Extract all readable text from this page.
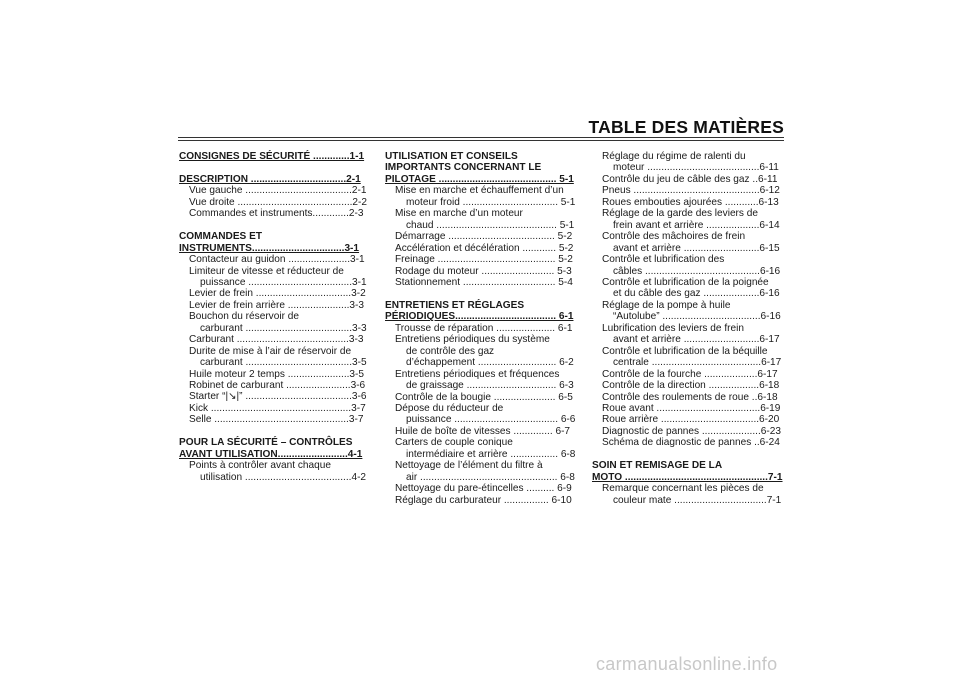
TABLE DES MATIÈRES
CONSIGNES DE SÉCURITÉ .............1-1
DESCRIPTION ..................................2-1
Vue gauche ......................................2-1
Vue droite .........................................2-2
Commandes et instruments.............2-3
COMMANDES ET
INSTRUMENTS.................................3-1
Contacteur au guidon ......................3-1
Limiteur de vitesse et réducteur de
puissance .....................................3-1
Levier de frein ..................................3-2
Levier de frein arrière ......................3-3
Bouchon du réservoir de
carburant ......................................3-3
Carburant ........................................3-3
Durite de mise à l’air de réservoir de
carburant ......................................3-5
Huile moteur 2 temps ......................3-5
Robinet de carburant .......................3-6
Starter “|↘|” ......................................3-6
Kick ..................................................3-7
Selle ................................................3-7
POUR LA SÉCURITÉ – CONTRÔLES
AVANT UTILISATION.........................4-1
Points à contrôler avant chaque
utilisation ......................................4-2
UTILISATION ET CONSEILS
IMPORTANTS CONCERNANT LE
PILOTAGE .......................................... 5-1
Mise en marche et échauffement d’un
moteur froid .................................. 5-1
Mise en marche d’un moteur
chaud ........................................... 5-1
Démarrage ...................................... 5-2
Accélération et décélération ............ 5-2
Freinage .......................................... 5-2
Rodage du moteur .......................... 5-3
Stationnement ................................. 5-4
ENTRETIENS ET RÉGLAGES
PÉRIODIQUES.................................... 6-1
Trousse de réparation ..................... 6-1
Entretiens périodiques du système
de contrôle des gaz
d’échappement ............................ 6-2
Entretiens périodiques et fréquences
de graissage ................................ 6-3
Contrôle de la bougie ...................... 6-5
Dépose du réducteur de
puissance ..................................... 6-6
Huile de boîte de vitesses .............. 6-7
Carters de couple conique
intermédiaire et arrière ................. 6-8
Nettoyage de l’élément du filtre à
air ................................................. 6-8
Nettoyage du pare-étincelles .......... 6-9
Réglage du carburateur ................ 6-10
Réglage du régime de ralenti du
moteur ........................................6-11
Contrôle du jeu de câble des gaz ..6-11
Pneus .............................................6-12
Roues embouties ajourées ............6-13
Réglage de la garde des leviers de
frein avant et arrière ...................6-14
Contrôle des mâchoires de frein
avant et arrière ...........................6-15
Contrôle et lubrification des
câbles .........................................6-16
Contrôle et lubrification de la poignée
et du câble des gaz ....................6-16
Réglage de la pompe à huile
“Autolube” ...................................6-16
Lubrification des leviers de frein
avant et arrière ...........................6-17
Contrôle et lubrification de la béquille
centrale .......................................6-17
Contrôle de la fourche ...................6-17
Contrôle de la direction ..................6-18
Contrôle des roulements de roue ..6-18
Roue avant .....................................6-19
Roue arrière ...................................6-20
Diagnostic de pannes .....................6-23
Schéma de diagnostic de pannes ..6-24
SOIN ET REMISAGE DE LA
MOTO ...................................................7-1
Remarque concernant les pièces de
couleur mate .................................7-1
carmanualsonline.info
